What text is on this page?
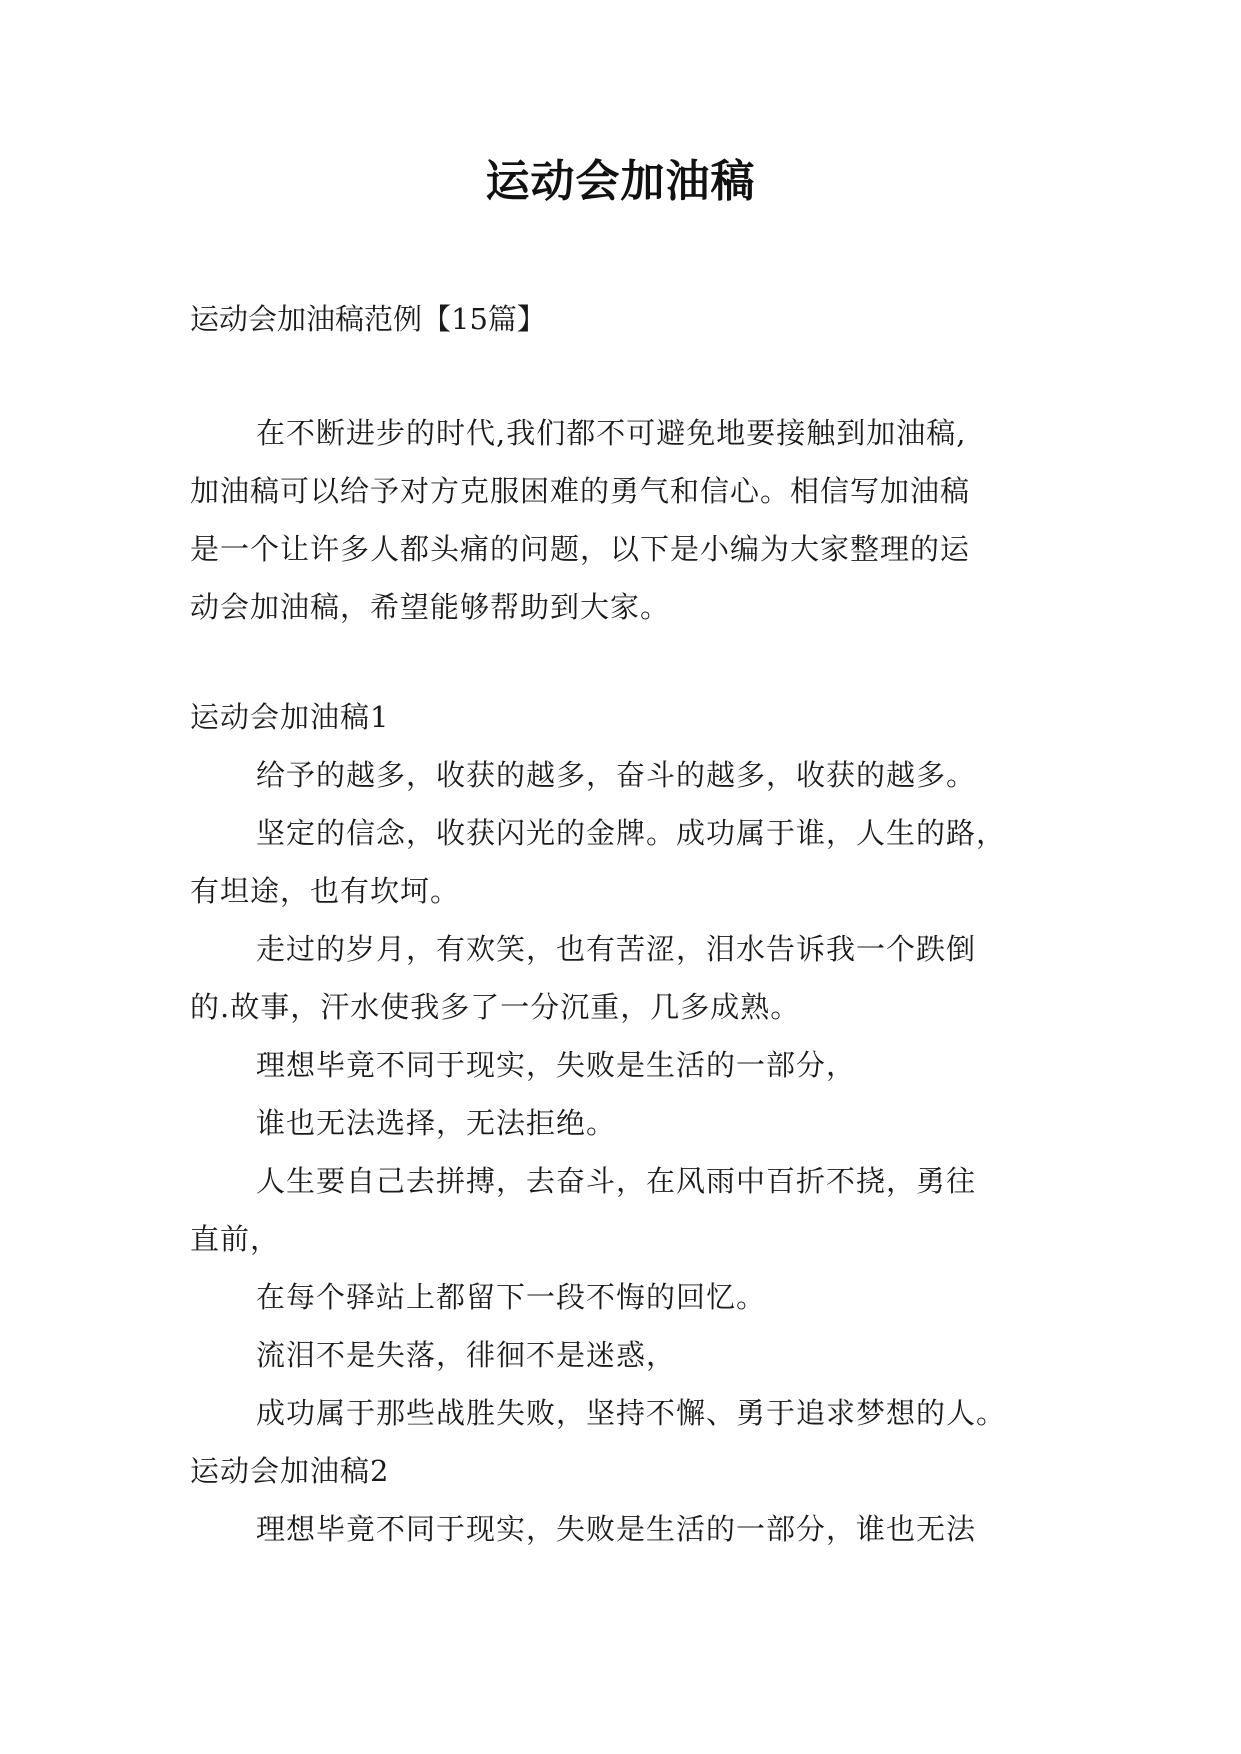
运动会加油稿
运动会加油稿范例【15篇】
在不断进步的时代,我们都不可避免地要接触到加油稿,
加油稿可以给予对方克服困难的勇气和信心。相信写加油稿
是一个让许多人都头痛的问题，以下是小编为大家整理的运
动会加油稿，希望能够帮助到大家。
运动会加油稿1
给予的越多，收获的越多，奋斗的越多，收获的越多。
坚定的信念，收获闪光的金牌。成功属于谁，人生的路，
有坦途，也有坎坷。
走过的岁月，有欢笑，也有苦涩，泪水告诉我一个跌倒
的.故事，汗水使我多了一分沉重，几多成熟。
理想毕竟不同于现实，失败是生活的一部分，
谁也无法选择，无法拒绝。
人生要自己去拼搏，去奋斗，在风雨中百折不挠，勇往
直前，
在每个驿站上都留下一段不悔的回忆。
流泪不是失落，徘徊不是迷惑，
成功属于那些战胜失败，坚持不懈、勇于追求梦想的人。
运动会加油稿2
理想毕竟不同于现实，失败是生活的一部分，谁也无法
